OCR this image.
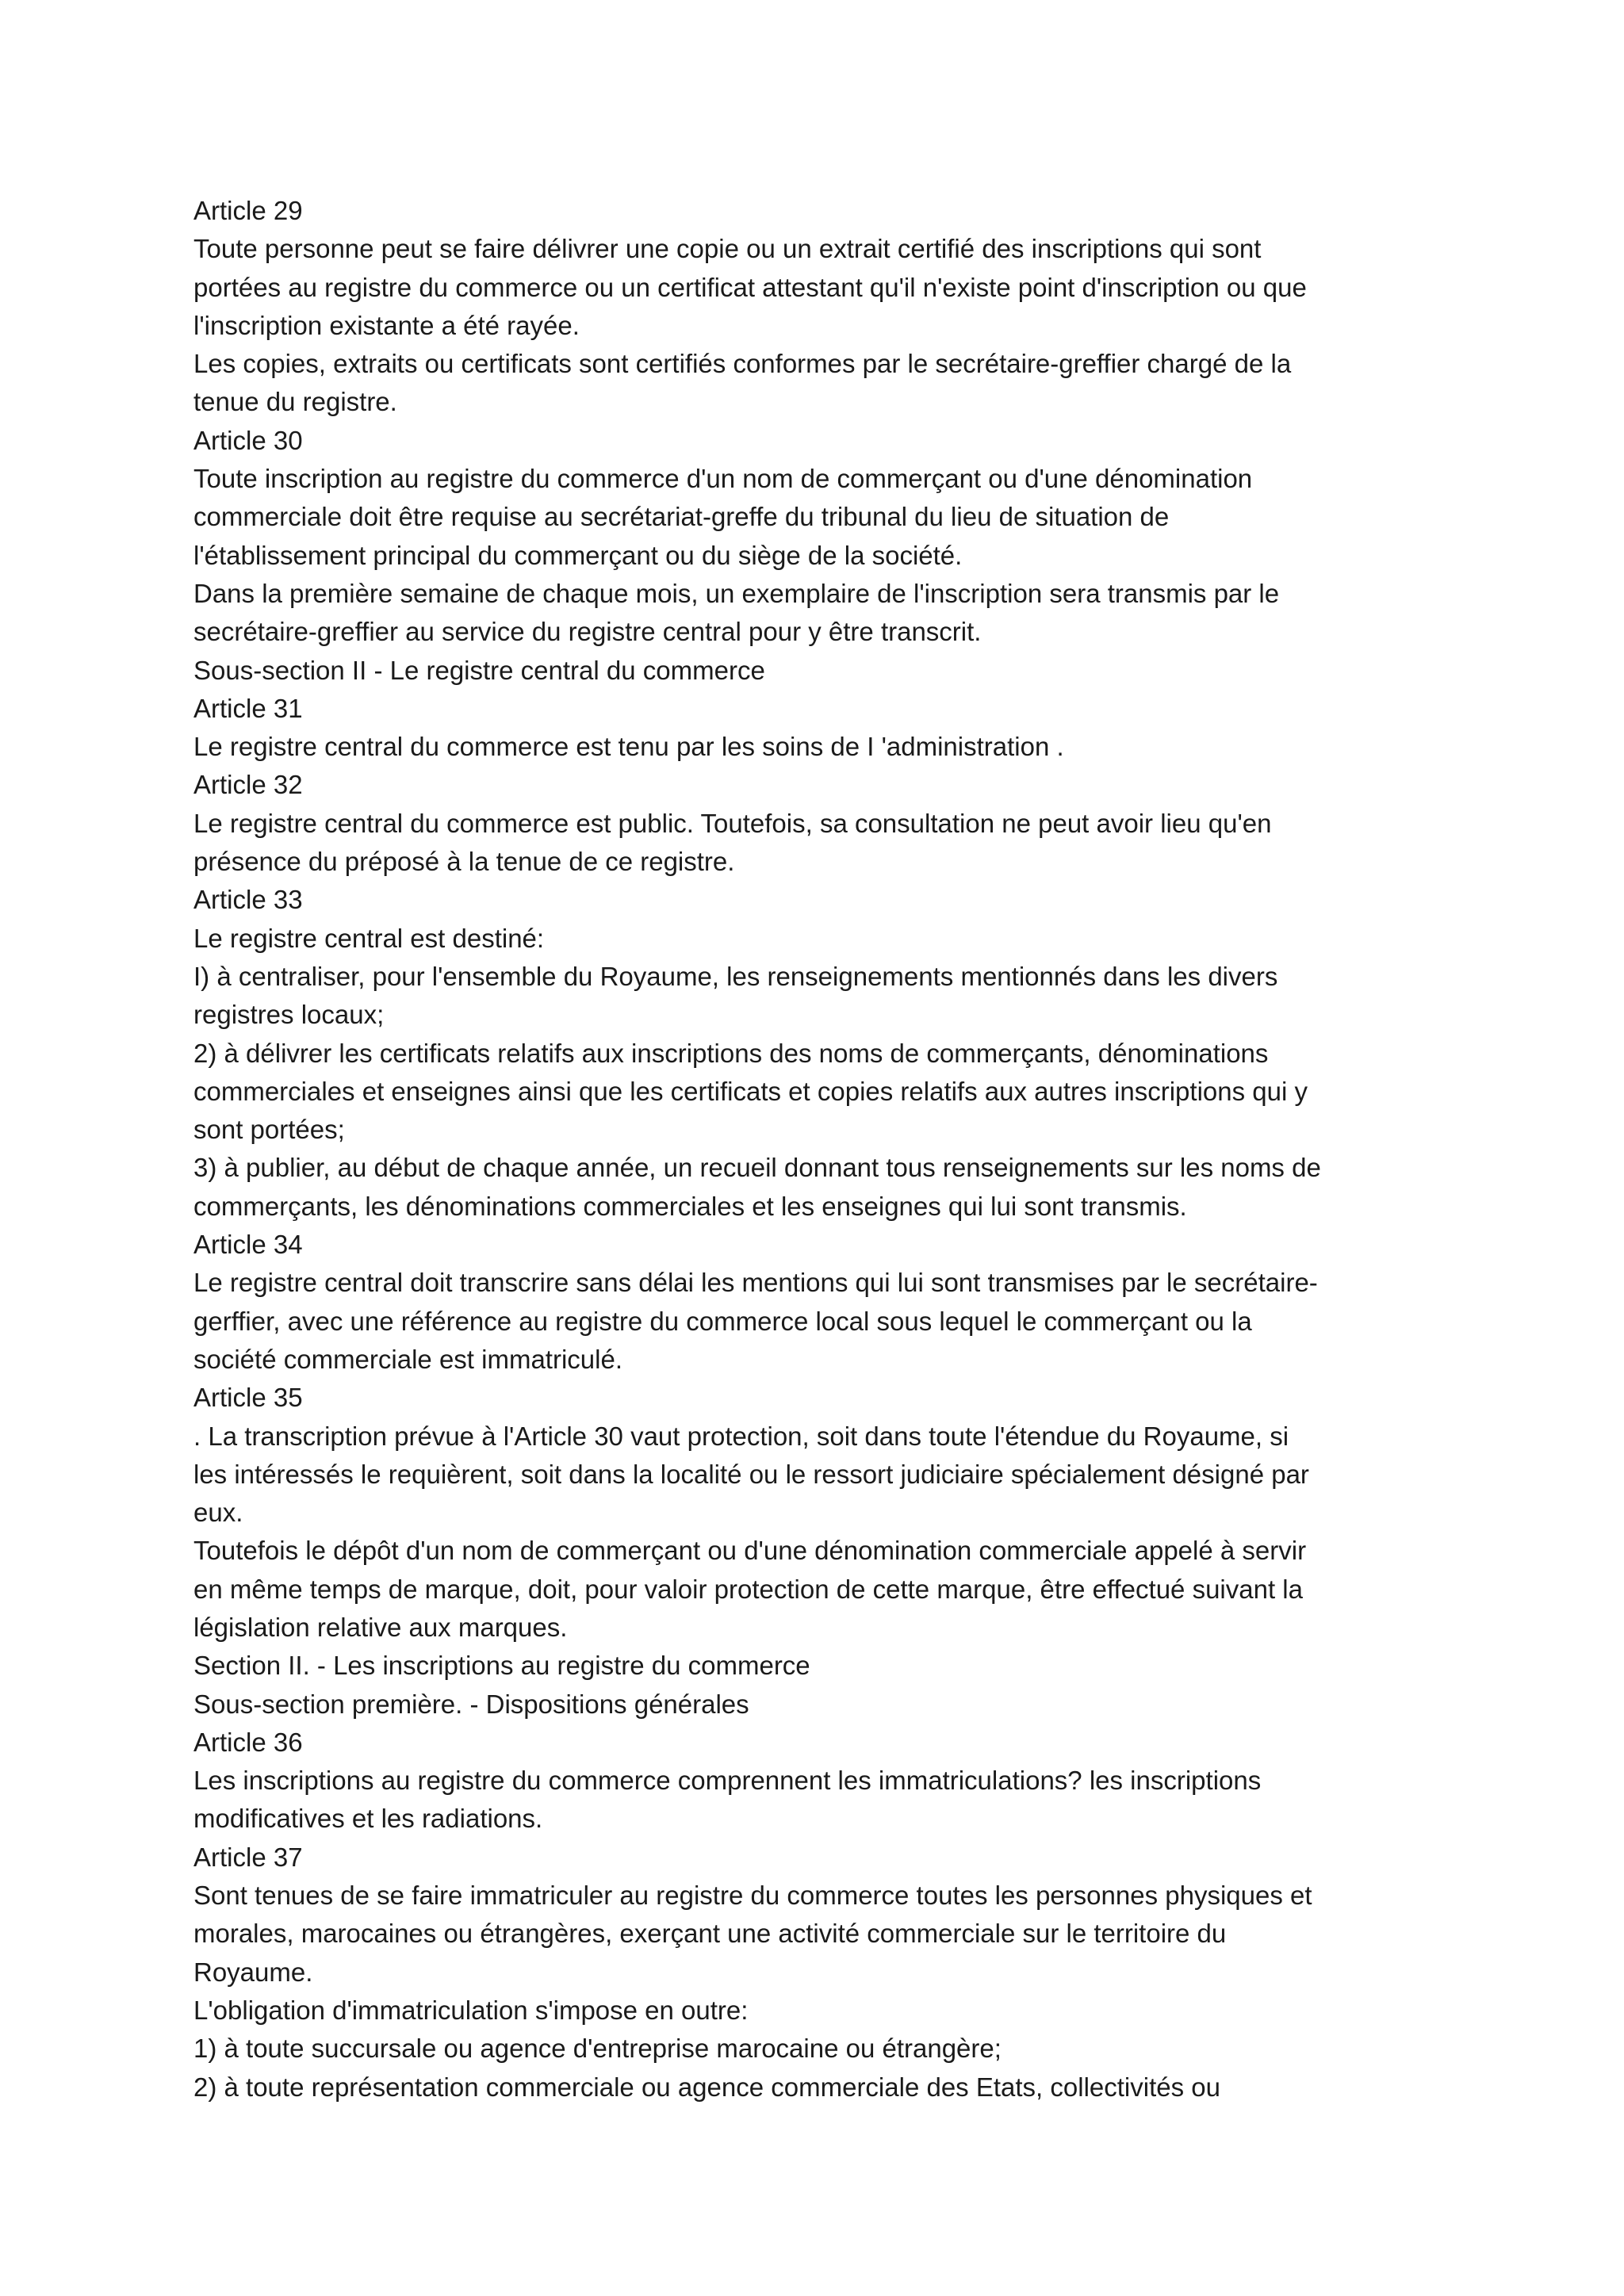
Article 29
Toute personne peut se faire délivrer une copie ou un extrait certifié des inscriptions qui sont
portées au registre du commerce ou un certificat attestant qu'il n'existe point d'inscription ou que
l'inscription existante a été rayée.
Les copies, extraits ou certificats sont certifiés conformes par le secrétaire-greffier chargé de la
tenue du registre.
Article 30
Toute inscription au registre du commerce d'un nom de commerçant ou d'une dénomination
commerciale doit être requise au secrétariat-greffe du tribunal du lieu de situation de
l'établissement principal du commerçant ou du siège de la société.
Dans la première semaine de chaque mois, un exemplaire de l'inscription sera transmis par le
secrétaire-greffier au service du registre central pour y être transcrit.
Sous-section II - Le registre central du commerce
Article 31
Le registre central du commerce est tenu par les soins de I 'administration .
Article 32
Le registre central du commerce est public. Toutefois, sa consultation ne peut avoir lieu qu'en
présence du préposé à la tenue de ce registre.
Article 33
Le registre central est destiné:
I) à centraliser, pour l'ensemble du Royaume, les renseignements mentionnés dans les divers
registres locaux;
2) à délivrer les certificats relatifs aux inscriptions des noms de commerçants, dénominations
commerciales et enseignes ainsi que les certificats et copies relatifs aux autres inscriptions qui y
sont portées;
3) à publier, au début de chaque année, un recueil donnant tous renseignements sur les noms de
commerçants, les dénominations commerciales et les enseignes qui lui sont transmis.
Article 34
Le registre central doit transcrire sans délai les mentions qui lui sont transmises par le secrétaire-
gerffier, avec une référence au registre du commerce local sous lequel le commerçant ou la
société commerciale est immatriculé.
Article 35
. La transcription prévue à l'Article 30 vaut protection, soit dans toute l'étendue du Royaume, si
les intéressés le requièrent, soit dans la localité ou le ressort judiciaire spécialement désigné par
eux.
Toutefois le dépôt d'un nom de commerçant ou d'une dénomination commerciale appelé à servir
en même temps de marque, doit, pour valoir protection de cette marque, être effectué suivant la
législation relative aux marques.
Section II. - Les inscriptions au registre du commerce
Sous-section première. - Dispositions générales
Article 36
Les inscriptions au registre du commerce comprennent les immatriculations? les inscriptions
modificatives et les radiations.
Article 37
Sont tenues de se faire immatriculer au registre du commerce toutes les personnes physiques et
morales, marocaines ou étrangères, exerçant une activité commerciale sur le territoire du
Royaume.
L'obligation d'immatriculation s'impose en outre:
1) à toute succursale ou agence d'entreprise marocaine ou étrangère;
2) à toute représentation commerciale ou agence commerciale des Etats, collectivités ou
